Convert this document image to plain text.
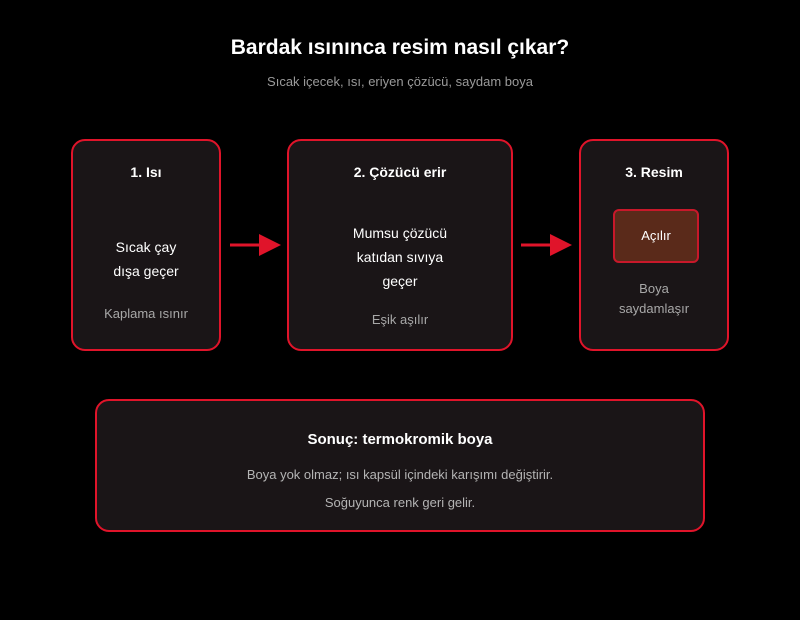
Bardak ısınınca resim nasıl çıkar?
Sıcak içecek, ısı, eriyen çözücü, saydam boya
1. Isı
Sıcak çay
dışa geçer
Kaplama ısınır
2. Çözücü erir
Mumsu çözücü
katıdan sıvıya
geçer
Eşik aşılır
3. Resim
Açılır
Boya
saydamlaşır
Sonuç: termokromik boya
Boya yok olmaz; ısı kapsül içindeki karışımı değiştirir.
Soğuyunca renk geri gelir.
